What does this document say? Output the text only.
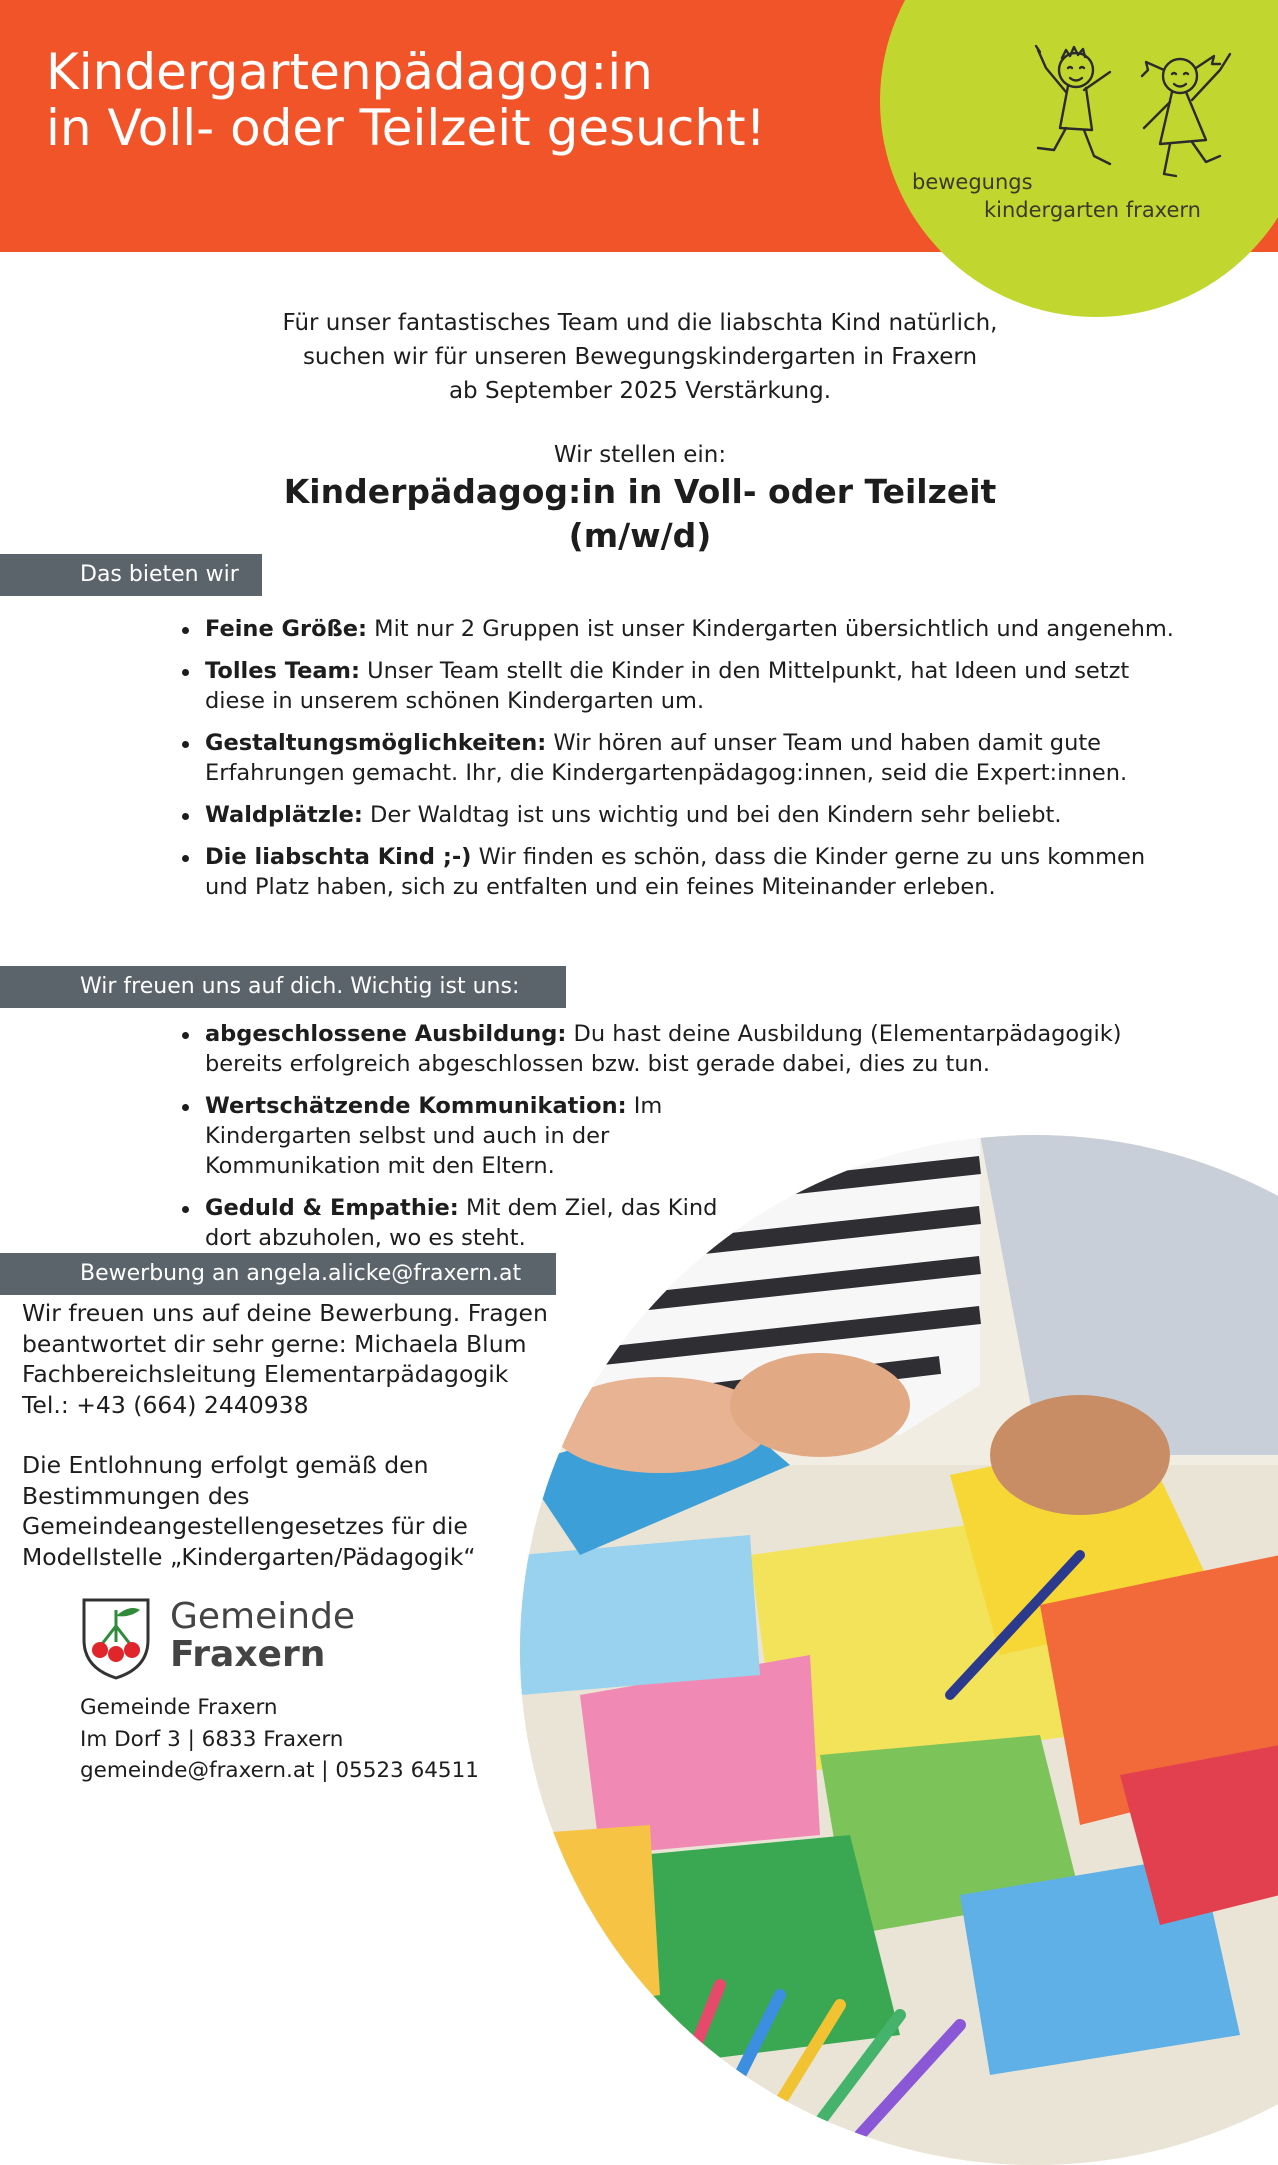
Kindergartenpädagog:in
in Voll- oder Teilzeit gesucht!
bewegungs
kindergarten fraxern
Für unser fantastisches Team und die liabschta Kind natürlich,
suchen wir für unseren Bewegungskindergarten in Fraxern
ab September 2025 Verstärkung.
Wir stellen ein:
Kinderpädagog:in in Voll- oder Teilzeit
(m/w/d)
Das bieten wir
Feine Größe: Mit nur 2 Gruppen ist unser Kindergarten übersichtlich und angenehm.
Tolles Team: Unser Team stellt die Kinder in den Mittelpunkt, hat Ideen und setzt diese in unserem schönen Kindergarten um.
Gestaltungsmöglichkeiten: Wir hören auf unser Team und haben damit gute Erfahrungen gemacht. Ihr, die Kindergartenpädagog:innen, seid die Expert:innen.
Waldplätzle: Der Waldtag ist uns wichtig und bei den Kindern sehr beliebt.
Die liabschta Kind ;-) Wir finden es schön, dass die Kinder gerne zu uns kommen und Platz haben, sich zu entfalten und ein feines Miteinander erleben.
Wir freuen uns auf dich. Wichtig ist uns:
abgeschlossene Ausbildung: Du hast deine Ausbildung (Elementarpädagogik) bereits erfolgreich abgeschlossen bzw. bist gerade dabei, dies zu tun.
Wertschätzende Kommunikation: Im Kindergarten selbst und auch in der Kommunikation mit den Eltern.
Geduld & Empathie: Mit dem Ziel, das Kind dort abzuholen, wo es steht.
Bewerbung an angela.alicke@fraxern.at

Wir freuen uns auf deine Bewerbung. Fragen
beantwortet dir sehr gerne: Michaela Blum
Fachbereichsleitung Elementarpädagogik
Tel.: +43 (664) 2440938

Die Entlohnung erfolgt gemäß den
Bestimmungen des
Gemeindeangestellengesetzes für die
Modellstelle „Kindergarten/Pädagogik“

Gemeinde
Fraxern
Gemeinde Fraxern
Im Dorf 3 | 6833 Fraxern
gemeinde@fraxern.at | 05523 64511
